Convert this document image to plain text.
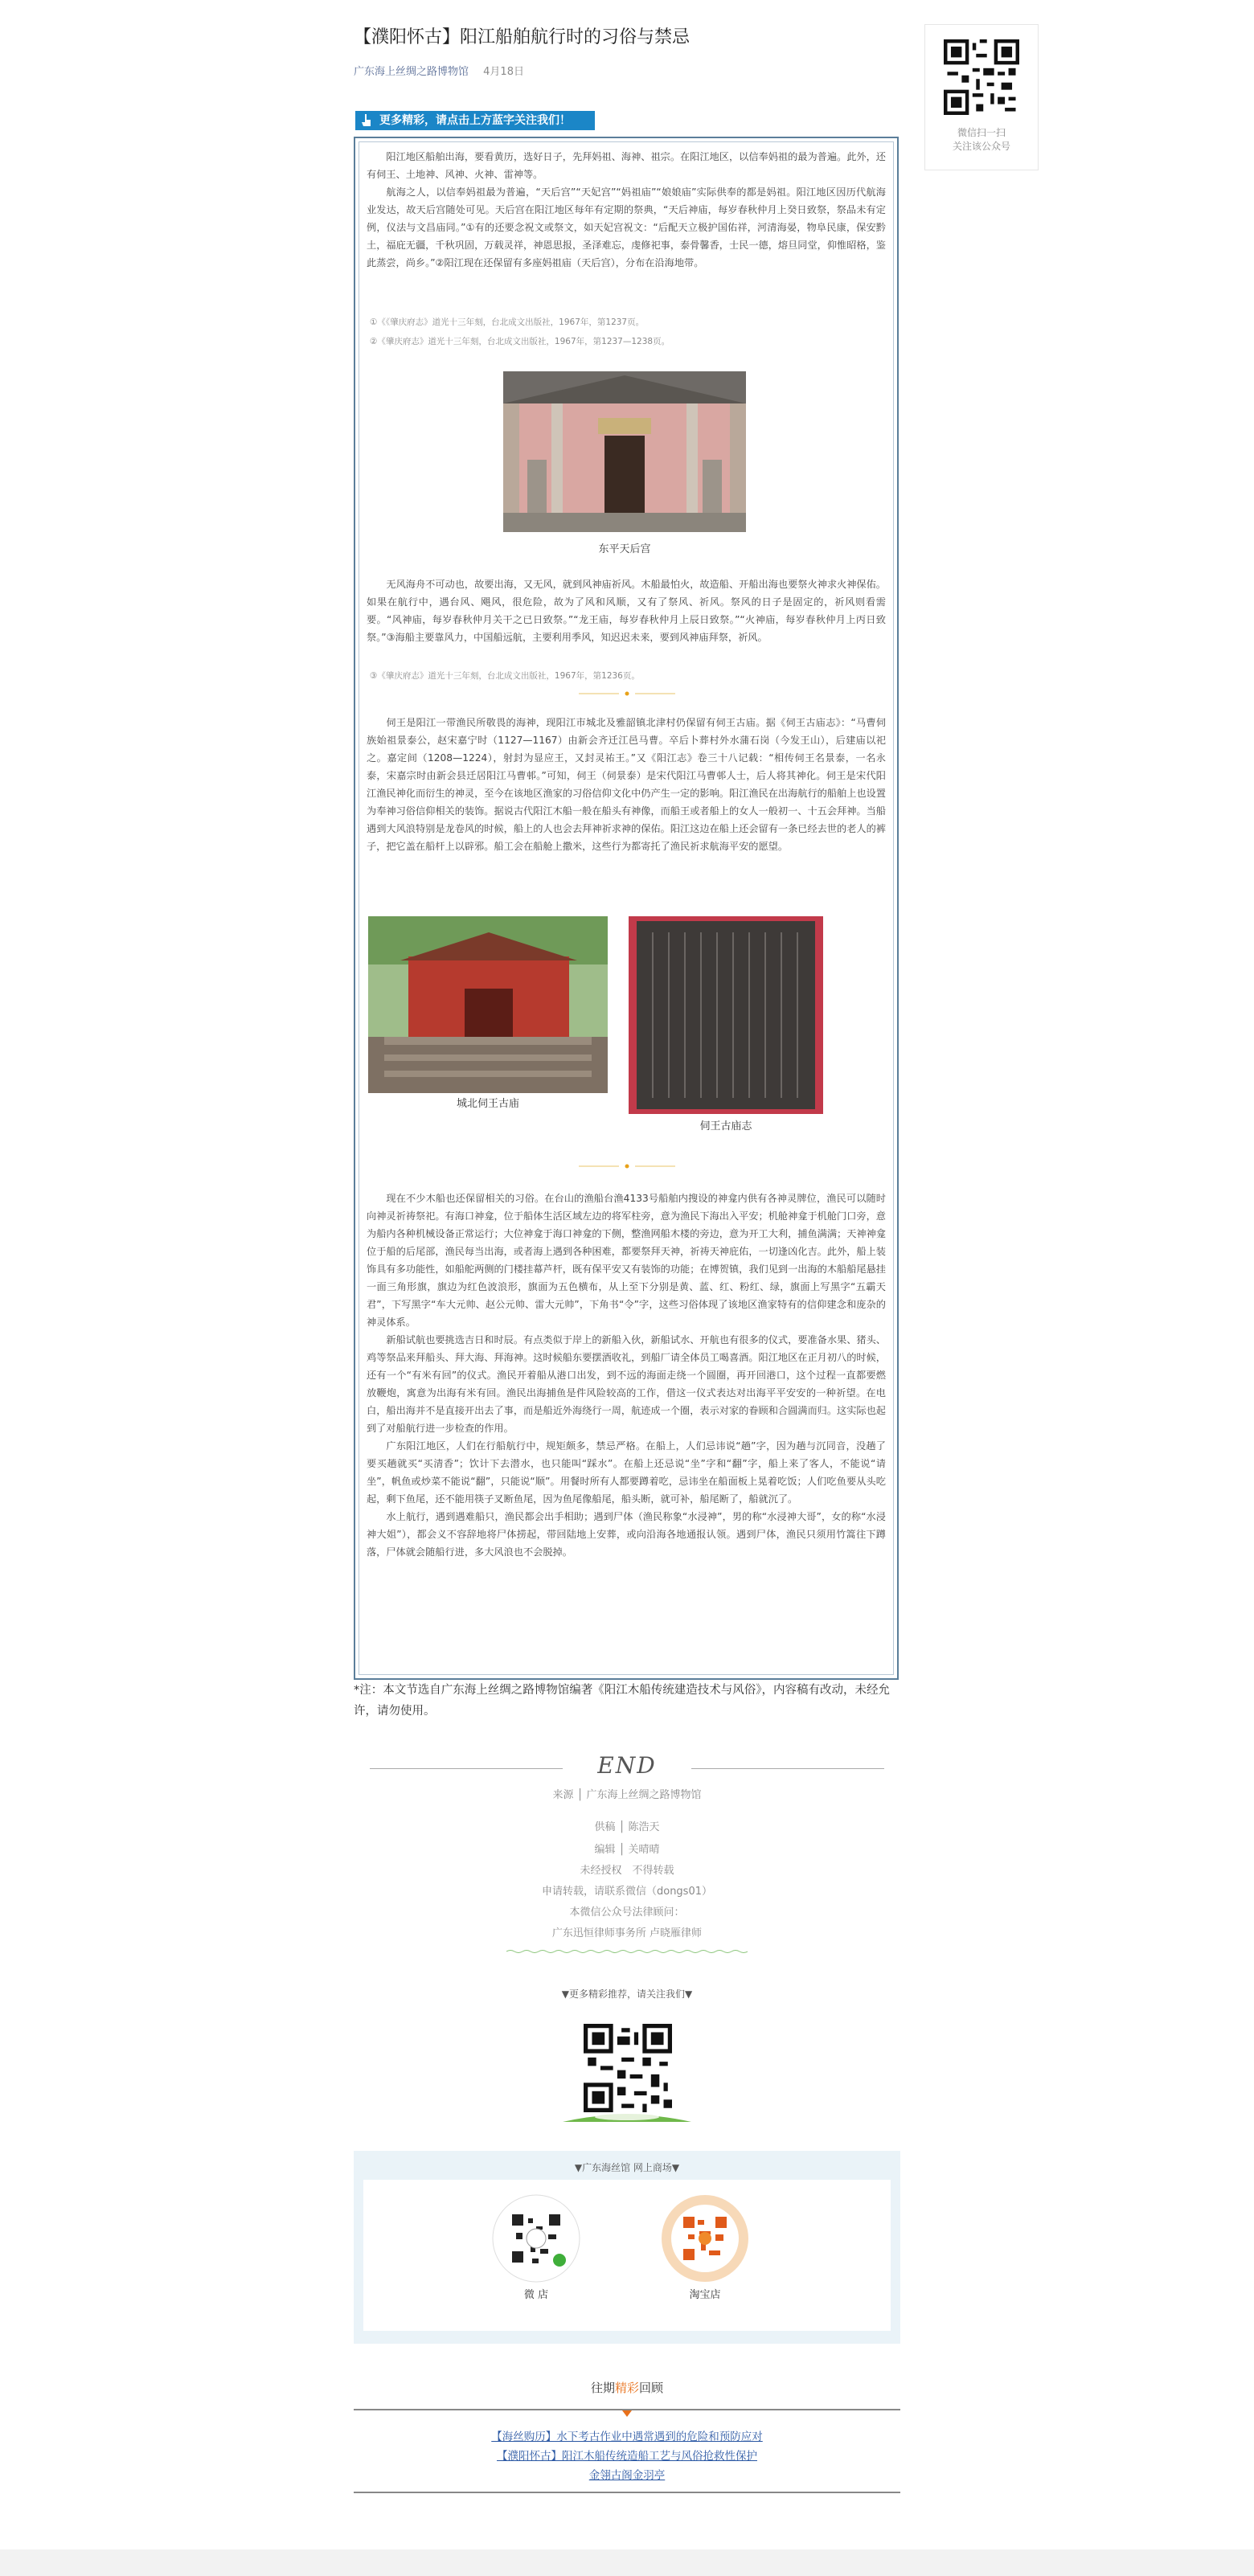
【濮阳怀古】阳江船舶航行时的习俗与禁忌
广东海上丝绸之路博物馆 4月18日
微信扫一扫
关注该公众号
更多精彩，请点击上方蓝字关注我们！

阳江地区船舶出海，要看黄历，选好日子，先拜妈祖、海神、祖宗。在阳江地区，以信奉妈祖的最为普遍。此外，还有伺王、土地神、风神、火神、雷神等。

航海之人，以信奉妈祖最为普遍，“天后宫”“天妃宫”“妈祖庙”“娘娘庙”实际供奉的都是妈祖。阳江地区因历代航海业发达，故天后宫随处可见。天后宫在阳江地区每年有定期的祭典，“天后神庙，每岁春秋仲月上癸日致祭，祭品未有定例，仪法与文昌庙同。”①有的还要念祝文或祭文，如天妃宫祝文：“后配天立极护国佑祥，河清海晏，物阜民康，保安黔土，福庇无疆，千秋巩固，万载灵祥，神恩思报，圣泽难忘，虔修祀事，泰骨馨香，士民一德，熔旦同堂，仰惟昭格，鉴此蒸尝，尚乡。”②阳江现在还保留有多座妈祖庙（天后宫），分布在沿海地带。

①《《肇庆府志》道光十三年刻，台北成文出版社，1967年，第1237页。
②《肇庆府志》道光十三年刻，台北成文出版社，1967年，第1237—1238页。
东平天后宫

无风海舟不可动也，故要出海，又无风，就到风神庙祈风。木船最怕火，故造船、开船出海也要祭火神求火神保佑。如果在航行中，遇台风、飓风，很危险，故为了风和风顺，又有了祭风、祈风。祭风的日子是固定的，祈风则看需要。“风神庙，每岁春秋仲月关干之已日致祭。”“龙王庙，每岁春秋仲月上辰日致祭。”“火神庙，每岁春秋仲月上丙日致祭。”③海船主要靠风力，中国船远航，主要利用季风，知迟迟未来，要到风神庙拜祭，祈风。

③《肇庆府志》道光十三年刻，台北成文出版社，1967年，第1236页。

伺王是阳江一带渔民所敬畏的海神，现阳江市城北及雅韶镇北津村仍保留有伺王古庙。据《伺王古庙志》：“马曹伺族始祖景泰公，赵宋嘉宁时（1127—1167）由新会齐迁江邑马曹。卒后卜葬村外水蒲石岗（今发王山），后建庙以祀之。嘉定间（1208—1224），射封为显应王，又封灵祐王。”又《阳江志》卷三十八记载：“相传伺王名景泰，一名永泰，宋嘉宗时由新会县迁居阳江马曹邨。”可知，伺王（伺景泰）是宋代阳江马曹邨人士，后人将其神化。伺王是宋代阳江渔民神化而衍生的神灵，至今在该地区渔家的习俗信仰文化中仍产生一定的影响。阳江渔民在出海航行的船舶上也设置为奉神习俗信仰相关的装饰。据说古代阳江木船一般在船头有神像，而船王或者船上的女人一般初一、十五会拜神。当船遇到大风浪特别是龙卷风的时候，船上的人也会去拜神祈求神的保佑。阳江这边在船上还会留有一条已经去世的老人的裤子，把它盖在船杆上以辟邪。船工会在船舱上撒米，这些行为都寄托了渔民祈求航海平安的愿望。

城北伺王古庙
伺王古庙志

现在不少木船也还保留相关的习俗。在台山的渔船台渔4133号船舶内搜设的神龛内供有各神灵牌位，渔民可以随时向神灵祈祷祭祀。有海口神龛，位于船体生活区域左边的将军柱旁，意为渔民下海出入平安；机舱神龛于机舱门口旁，意为船内各种机械设备正常运行；大位神龛于海口神龛的下侧，整渔网船木楼的旁边，意为开工大利，捕鱼满满；天神神龛位于船的后尾部，渔民每当出海，或者海上遇到各种困难，都要祭拜天神，祈祷天神庇佑，一切逢凶化吉。此外，船上装饰具有多功能性，如船舵两侧的门楼挂幕芦杆，既有保平安又有装饰的功能；在博贺镇，我们见到一出海的木船船尾悬挂一面三角形旗，旗边为红色波浪形，旗面为五色横布，从上至下分别是黄、蓝、红、粉红、绿，旗面上写黑字“五霸天君”，下写黑字“车大元帅、赵公元帅、雷大元帅”，下角书“令”字，这些习俗体现了该地区渔家特有的信仰建念和庞杂的神灵体系。

新船试航也要挑选吉日和时辰。有点类似于岸上的新船入伙，新船试水、开航也有很多的仪式，要准备水果、猪头、鸡等祭品来拜船头、拜大海、拜海神。这时候船东要摆酒收礼，到船厂请全体员工喝喜酒。阳江地区在正月初八的时候，还有一个“有米有回”的仪式。渔民开着船从港口出发，到不远的海面走绕一个圆圈，再开回港口，这个过程一直都要燃放鞭炮，寓意为出海有米有回。渔民出海捕鱼是件风险较高的工作，借这一仪式表达对出海平平安安的一种祈望。在电白，船出海并不是直接开出去了事，而是船近外海绕行一周，航迹成一个圈，表示对家的眷顾和合圆满而归。这实际也起到了对船航行进一步检查的作用。

广东阳江地区，人们在行船航行中，规矩颇多，禁忌严格。在船上，人们忌讳说“趟”字，因为趟与沉同音，没趟了要买趟就买“买清香”；饮计下去潜水，也只能叫“踩水”。在船上还忌说“坐”字和“翻”字，船上来了客人，不能说“请坐”，帆鱼或炒菜不能说“翻”，只能说“顺”。用餐时所有人都要蹲着吃，忌讳坐在船面板上晃着吃饭；人们吃鱼要从头吃起，剩下鱼尾，还不能用筷子叉断鱼尾，因为鱼尾像船尾，船头断，就可补，船尾断了，船就沉了。

水上航行，遇到遇难船只，渔民都会出手相助；遇到尸体（渔民称象“水浸神”，男的称“水浸神大哥”，女的称“水浸神大姐”），都会义不容辞地将尸体捞起，带回陆地上安葬，或向沿海各地通报认领。遇到尸体，渔民只须用竹篙往下蹲落，尸体就会随船行进，多大风浪也不会脱掉。

*注：本文节选自广东海上丝绸之路博物馆编著《阳江木船传统建造技术与风俗》，内容稿有改动，未经允许，请勿使用。
END
来源 │ 广东海上丝绸之路博物馆
供稿 │ 陈浩天
编辑 │ 关晴晴
未经授权　 不得转载
申请转载，请联系微信（dongs01）
本微信公众号法律顾问：
广东迅恒律师事务所 卢晓雁律师
▼更多精彩推荐，请关注我们▼
▼广东海丝馆 网上商场▼
微 店	淘宝店
往期精彩回顾
【海丝购历】水下考古作业中遇常遇到的危险和预防应对
【濮阳怀古】阳江木船传统造船工艺与风俗抢救性保护
金翎古阁金羽亭
